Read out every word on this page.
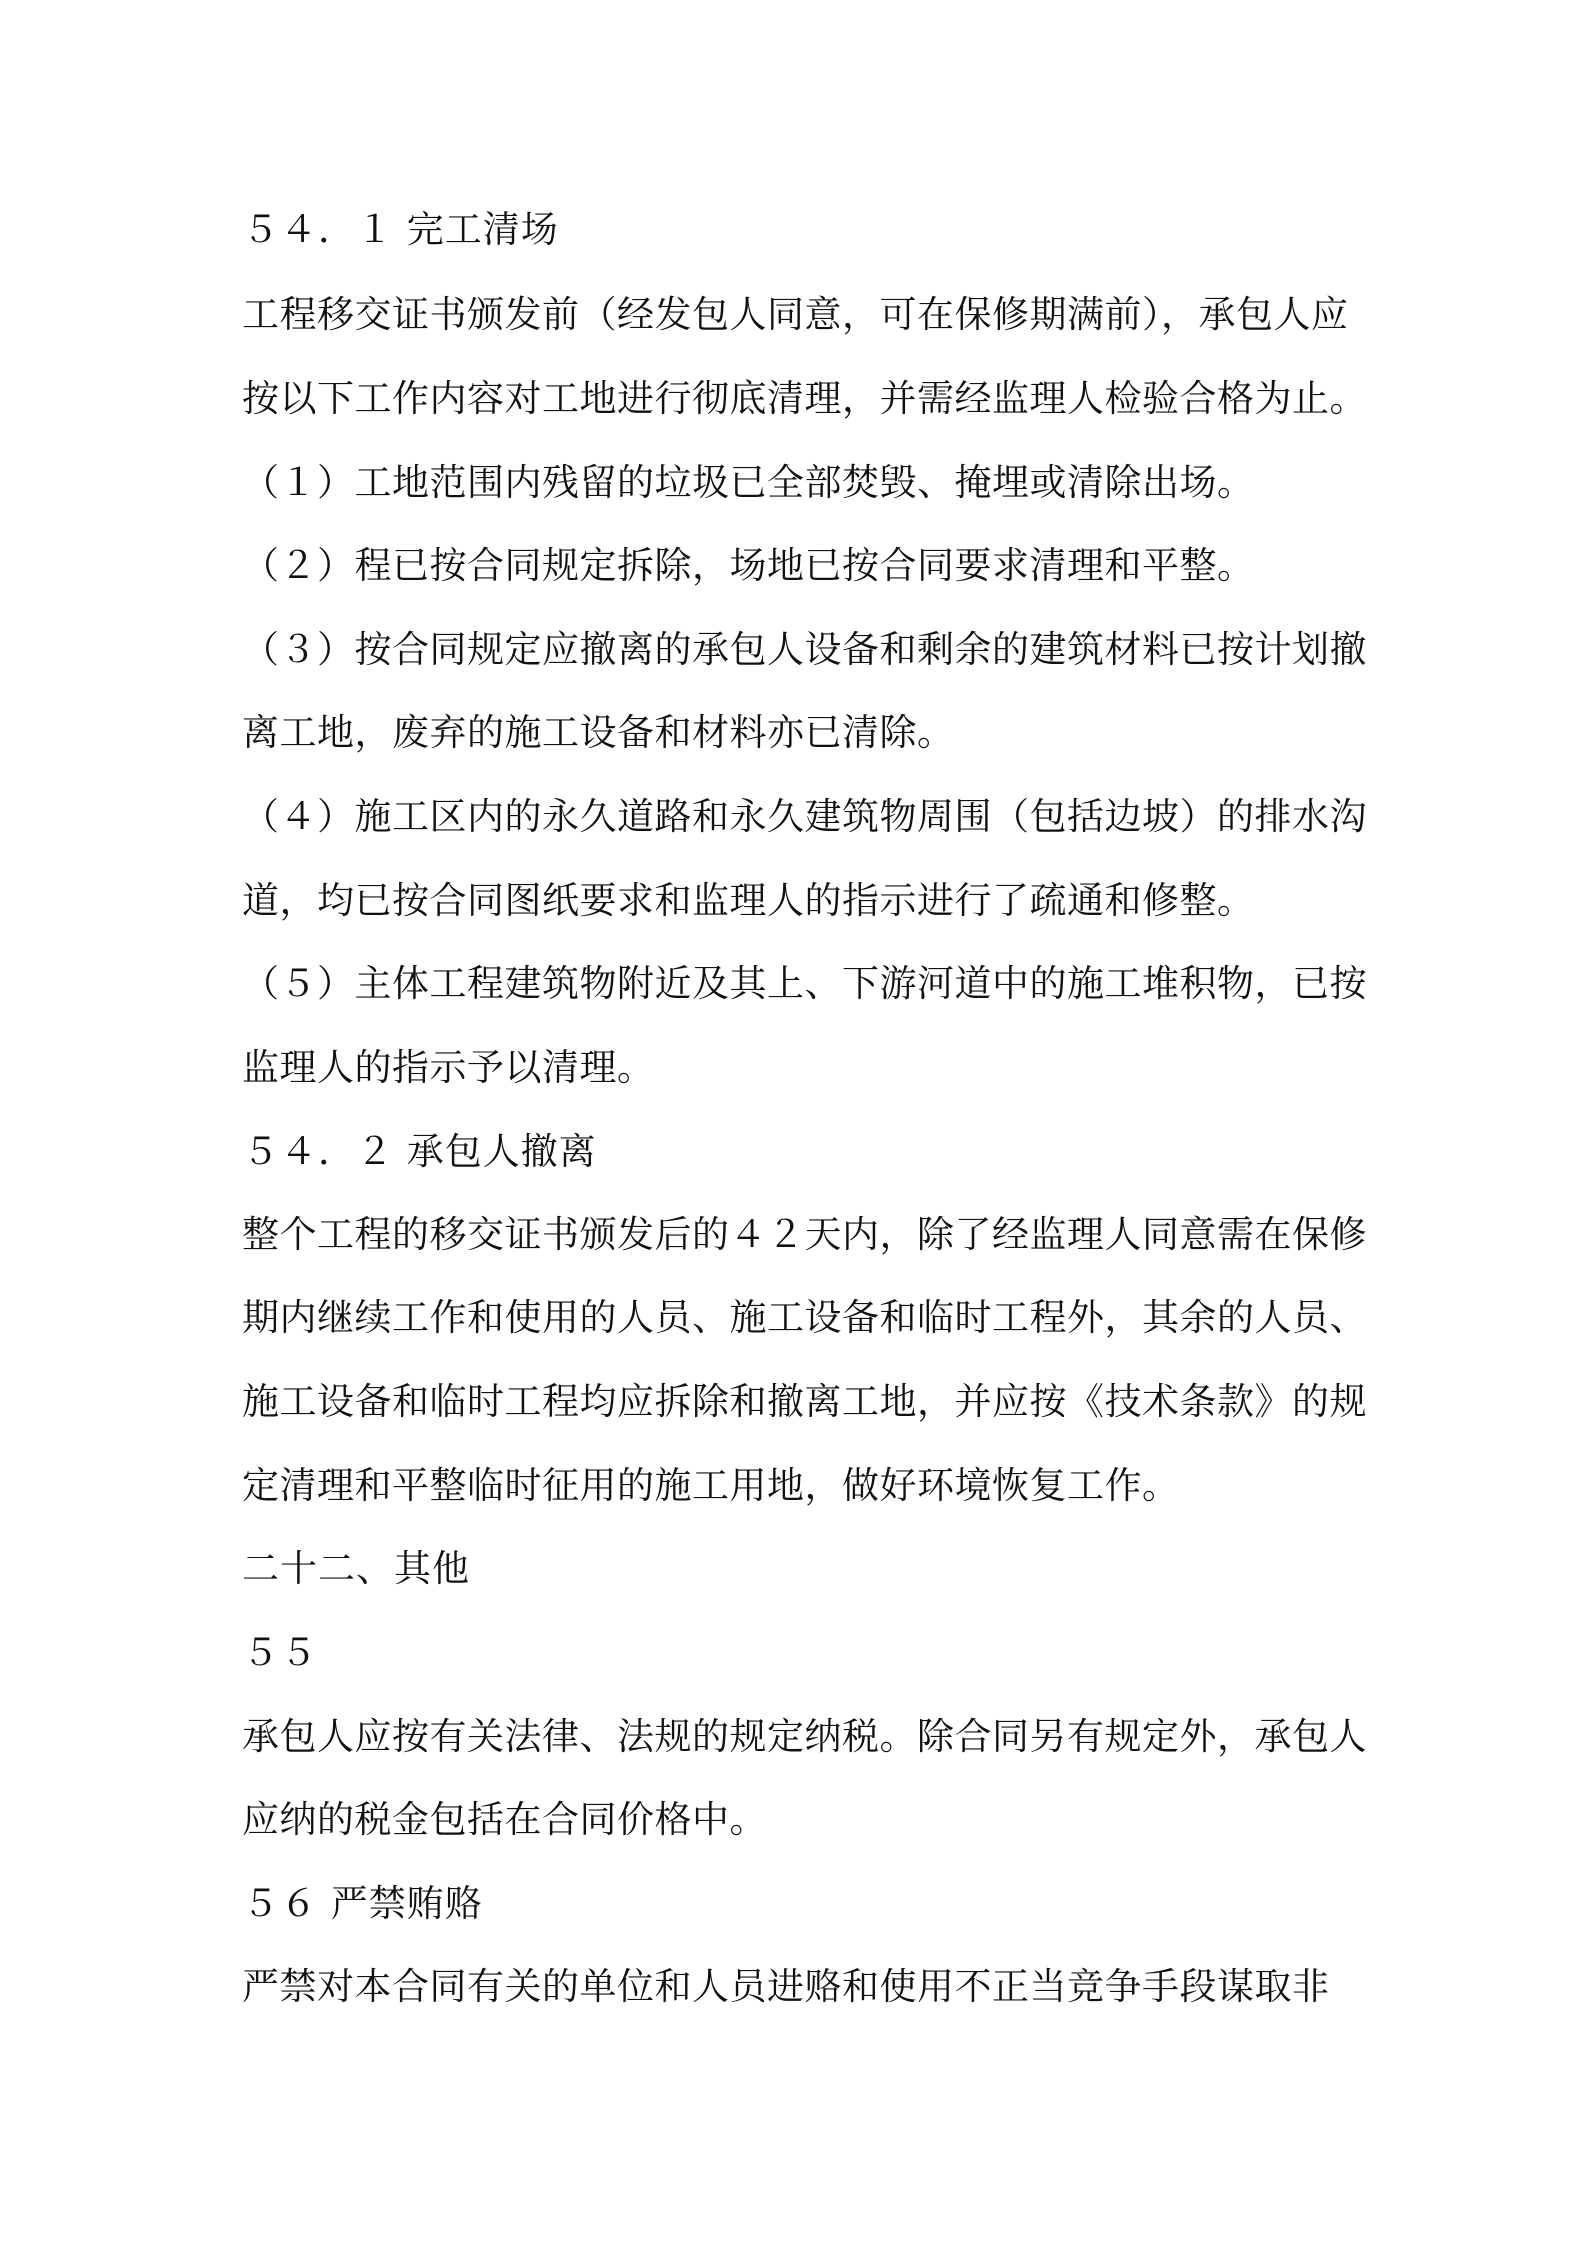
５４．１ 完工清场
工程移交证书颁发前（经发包人同意，可在保修期满前），承包人应
按以下工作内容对工地进行彻底清理，并需经监理人检验合格为止。
（１）工地范围内残留的垃圾已全部焚毁、掩埋或清除出场。
（２）程已按合同规定拆除，场地已按合同要求清理和平整。
（３）按合同规定应撤离的承包人设备和剩余的建筑材料已按计划撤
离工地，废弃的施工设备和材料亦已清除。
（４）施工区内的永久道路和永久建筑物周围（包括边坡）的排水沟
道，均已按合同图纸要求和监理人的指示进行了疏通和修整。
（５）主体工程建筑物附近及其上、下游河道中的施工堆积物，已按
监理人的指示予以清理。
５４．２ 承包人撤离
整个工程的移交证书颁发后的４２天内，除了经监理人同意需在保修
期内继续工作和使用的人员、施工设备和临时工程外，其余的人员、
施工设备和临时工程均应拆除和撤离工地，并应按《技术条款》的规
定清理和平整临时征用的施工用地，做好环境恢复工作。
二十二、其他
５５
承包人应按有关法律、法规的规定纳税。除合同另有规定外，承包人
应纳的税金包括在合同价格中。
５６ 严禁贿赂
严禁对本合同有关的单位和人员进赂和使用不正当竞争手段谋取非
